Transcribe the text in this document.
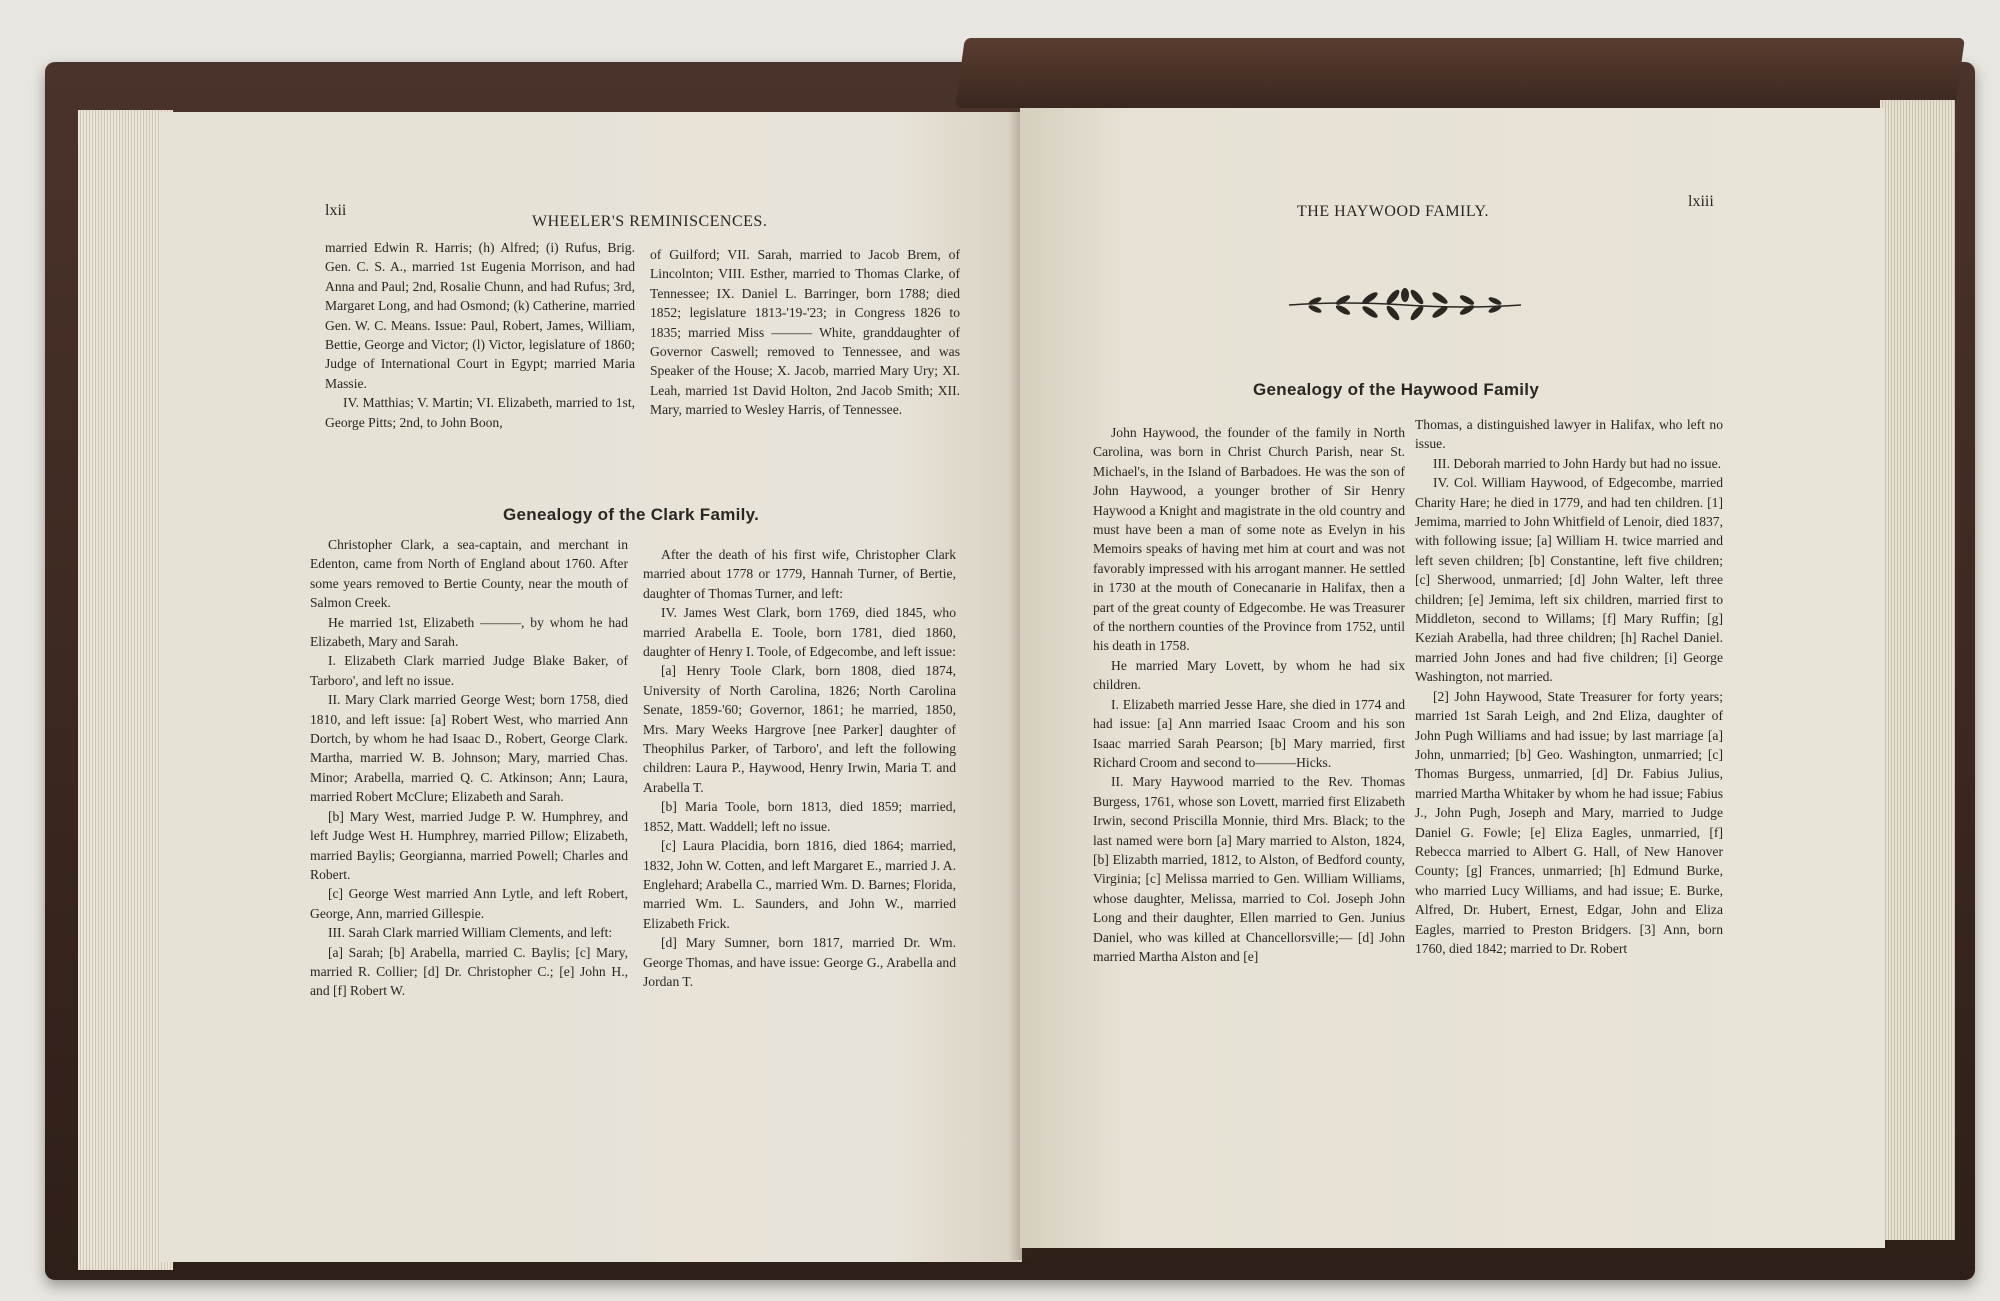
lxii
WHEELER'S REMINISCENCES.

married Edwin R. Harris; (h) Alfred; (i) Rufus, Brig. Gen. C. S. A., married 1st Eugenia Morrison, and had Anna and Paul; 2nd, Rosalie Chunn, and had Rufus; 3rd, Margaret Long, and had Osmond; (k) Catherine, married Gen. W. C. Means. Issue: Paul, Robert, James, William, Bettie, George and Victor; (l) Victor, legislature of 1860; Judge of International Court in Egypt; married Maria Massie.

IV. Matthias; V. Martin; VI. Elizabeth, married to 1st, George Pitts; 2nd, to John Boon,

of Guilford; VII. Sarah, married to Jacob Brem, of Lincolnton; VIII. Esther, married to Thomas Clarke, of Tennessee; IX. Daniel L. Barringer, born 1788; died 1852; legislature 1813-'19-'23; in Congress 1826 to 1835; married Miss ——— White, granddaughter of Governor Caswell; removed to Tennessee, and was Speaker of the House; X. Jacob, married Mary Ury; XI. Leah, married 1st David Holton, 2nd Jacob Smith; XII. Mary, married to Wesley Harris, of Tennessee.

Genealogy of the Clark Family.

Christopher Clark, a sea-captain, and merchant in Edenton, came from North of England about 1760. After some years removed to Bertie County, near the mouth of Salmon Creek.

He married 1st, Elizabeth ———, by whom he had Elizabeth, Mary and Sarah.

I. Elizabeth Clark married Judge Blake Baker, of Tarboro', and left no issue.

II. Mary Clark married George West; born 1758, died 1810, and left issue: [a] Robert West, who married Ann Dortch, by whom he had Isaac D., Robert, George Clark. Martha, married W. B. Johnson; Mary, married Chas. Minor; Arabella, married Q. C. Atkinson; Ann; Laura, married Robert McClure; Elizabeth and Sarah.

[b] Mary West, married Judge P. W. Humphrey, and left Judge West H. Humphrey, married Pillow; Elizabeth, married Baylis; Georgianna, married Powell; Charles and Robert.

[c] George West married Ann Lytle, and left Robert, George, Ann, married Gillespie.

III. Sarah Clark married William Clements, and left:

[a] Sarah; [b] Arabella, married C. Baylis; [c] Mary, married R. Collier; [d] Dr. Christopher C.; [e] John H., and [f] Robert W.

After the death of his first wife, Christopher Clark married about 1778 or 1779, Hannah Turner, of Bertie, daughter of Thomas Turner, and left:

IV. James West Clark, born 1769, died 1845, who married Arabella E. Toole, born 1781, died 1860, daughter of Henry I. Toole, of Edgecombe, and left issue:

[a] Henry Toole Clark, born 1808, died 1874, University of North Carolina, 1826; North Carolina Senate, 1859-'60; Governor, 1861; he married, 1850, Mrs. Mary Weeks Hargrove [nee Parker] daughter of Theophilus Parker, of Tarboro', and left the following children: Laura P., Haywood, Henry Irwin, Maria T. and Arabella T.

[b] Maria Toole, born 1813, died 1859; married, 1852, Matt. Waddell; left no issue.

[c] Laura Placidia, born 1816, died 1864; married, 1832, John W. Cotten, and left Margaret E., married J. A. Englehard; Arabella C., married Wm. D. Barnes; Florida, married Wm. L. Saunders, and John W., married Elizabeth Frick.

[d] Mary Sumner, born 1817, married Dr. Wm. George Thomas, and have issue: George G., Arabella and Jordan T.

THE HAYWOOD FAMILY.
lxiii
Genealogy of the Haywood Family

John Haywood, the founder of the family in North Carolina, was born in Christ Church Parish, near St. Michael's, in the Island of Barbadoes. He was the son of John Haywood, a younger brother of Sir Henry Haywood a Knight and magistrate in the old country and must have been a man of some note as Evelyn in his Memoirs speaks of having met him at court and was not favorably impressed with his arrogant manner. He settled in 1730 at the mouth of Conecanarie in Halifax, then a part of the great county of Edgecombe. He was Treasurer of the northern counties of the Province from 1752, until his death in 1758.

He married Mary Lovett, by whom he had six children.

I. Elizabeth married Jesse Hare, she died in 1774 and had issue: [a] Ann married Isaac Croom and his son Isaac married Sarah Pearson; [b] Mary married, first Richard Croom and second to———Hicks.

II. Mary Haywood married to the Rev. Thomas Burgess, 1761, whose son Lovett, married first Elizabeth Irwin, second Priscilla Monnie, third Mrs. Black; to the last named were born [a] Mary married to Alston, 1824, [b] Elizabth married, 1812, to Alston, of Bedford county, Virginia; [c] Melissa married to Gen. William Williams, whose daughter, Melissa, married to Col. Joseph John Long and their daughter, Ellen married to Gen. Junius Daniel, who was killed at Chancellorsville;— [d] John married Martha Alston and [e]

Thomas, a distinguished lawyer in Halifax, who left no issue.

III. Deborah married to John Hardy but had no issue.

IV. Col. William Haywood, of Edgecombe, married Charity Hare; he died in 1779, and had ten children. [1] Jemima, married to John Whitfield of Lenoir, died 1837, with following issue; [a] William H. twice married and left seven children; [b] Constantine, left five children; [c] Sherwood, unmarried; [d] John Walter, left three children; [e] Jemima, left six children, married first to Middleton, second to Willams; [f] Mary Ruffin; [g] Keziah Arabella, had three children; [h] Rachel Daniel. married John Jones and had five children; [i] George Washington, not married.

[2] John Haywood, State Treasurer for forty years; married 1st Sarah Leigh, and 2nd Eliza, daughter of John Pugh Williams and had issue; by last marriage [a] John, unmarried; [b] Geo. Washington, unmarried; [c] Thomas Burgess, unmarried, [d] Dr. Fabius Julius, married Martha Whitaker by whom he had issue; Fabius J., John Pugh, Joseph and Mary, married to Judge Daniel G. Fowle; [e] Eliza Eagles, unmarried, [f] Rebecca married to Albert G. Hall, of New Hanover County; [g] Frances, unmarried; [h] Edmund Burke, who married Lucy Williams, and had issue; E. Burke, Alfred, Dr. Hubert, Ernest, Edgar, John and Eliza Eagles, married to Preston Bridgers. [3] Ann, born 1760, died 1842; married to Dr. Robert
